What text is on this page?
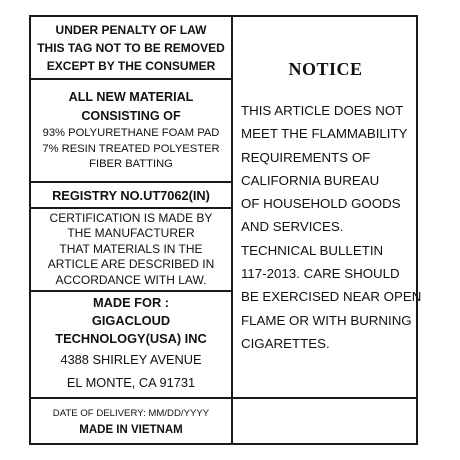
UNDER PENALTY OF LAW
THIS TAG NOT TO BE REMOVED
EXCEPT BY THE CONSUMER
ALL NEW MATERIAL
CONSISTING OF
93% POLYURETHANE FOAM PAD
7% RESIN TREATED POLYESTER
FIBER BATTING
REGISTRY NO.UT7062(IN)
CERTIFICATION IS MADE BY
THE MANUFACTURER
THAT MATERIALS IN THE
ARTICLE ARE DESCRIBED IN
ACCORDANCE WITH LAW.
MADE FOR :
GIGACLOUD
TECHNOLOGY(USA) INC
4388 SHIRLEY AVENUE
EL MONTE, CA 91731
DATE OF DELIVERY: MM/DD/YYYY
MADE IN VIETNAM
NOTICE
THIS ARTICLE DOES NOT
MEET THE FLAMMABILITY
REQUIREMENTS OF
CALIFORNIA BUREAU
OF HOUSEHOLD GOODS
AND SERVICES.
TECHNICAL BULLETIN
117-2013. CARE SHOULD
BE EXERCISED NEAR OPEN
FLAME OR WITH BURNING
CIGARETTES.
